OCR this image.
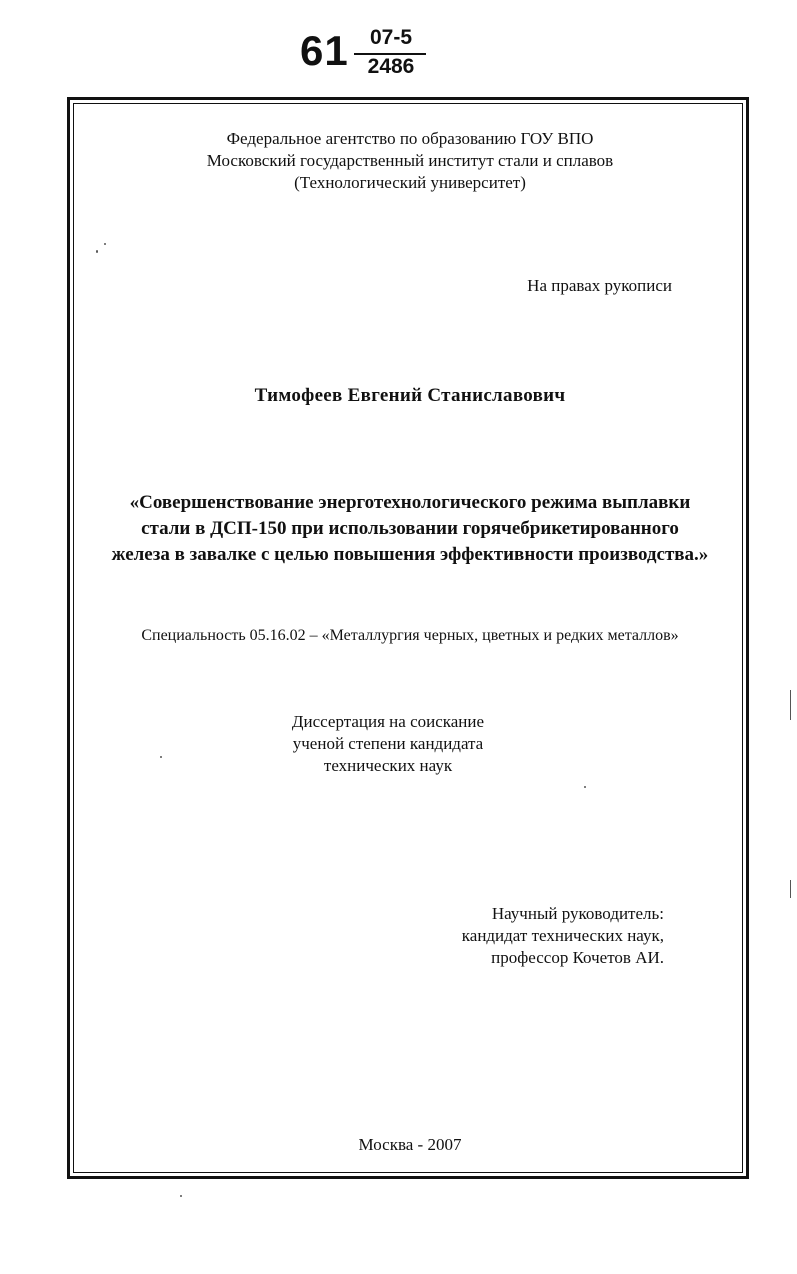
61	07-5
2486
Федеральное агентство по образованию ГОУ ВПО
Московский государственный институт стали и сплавов
(Технологический университет)
На правах рукописи
Тимофеев Евгений Станиславович
«Совершенствование энерготехнологического режима выплавки
стали в ДСП-150 при использовании горячебрикетированного
железа в завалке с целью повышения эффективности производства.»
Специальность 05.16.02 – «Металлургия черных, цветных и редких металлов»
Диссертация на соискание
ученой степени кандидата
технических наук
Научный руководитель:
кандидат технических наук,
профессор Кочетов АИ.
Москва - 2007
